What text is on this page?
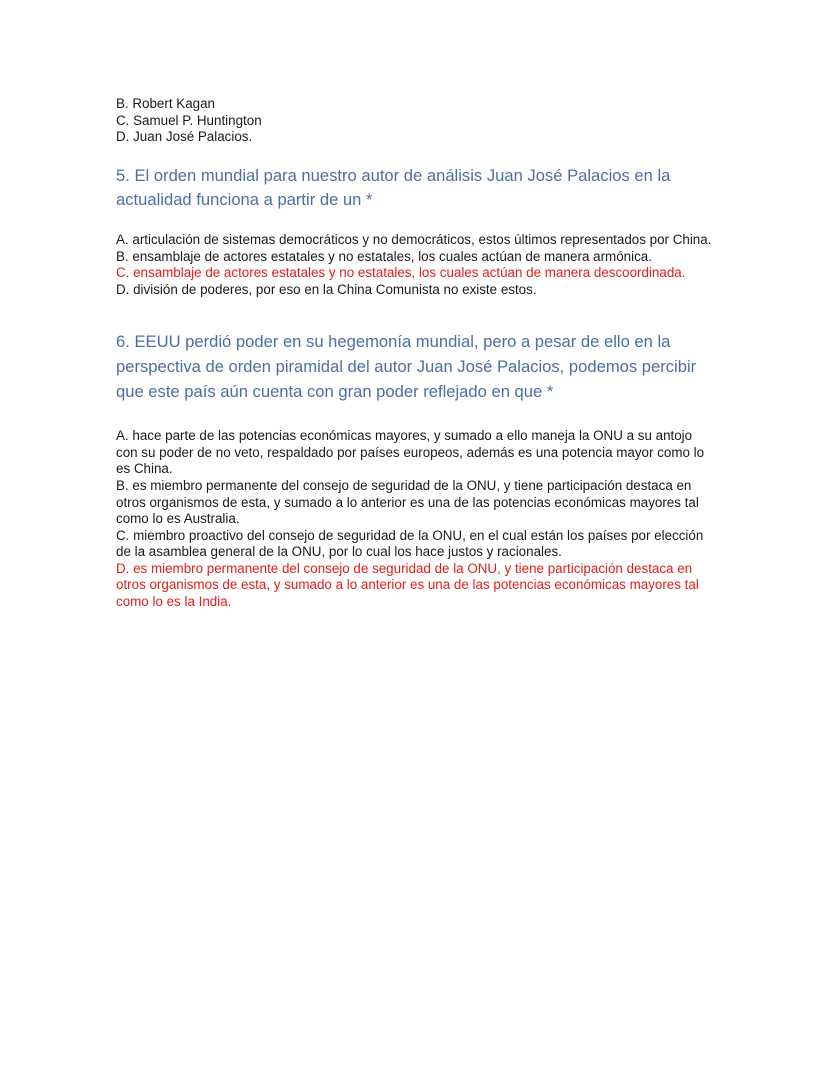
B. Robert Kagan
C. Samuel P. Huntington
D. Juan José Palacios.

5. El orden mundial para nuestro autor de análisis Juan José Palacios en la actualidad funciona a partir de un *

A. articulación de sistemas democráticos y no democráticos, estos últimos representados por China.
B. ensamblaje de actores estatales y no estatales, los cuales actúan de manera armónica.
C. ensamblaje de actores estatales y no estatales, los cuales actúan de manera descoordinada.
D. división de poderes, por eso en la China Comunista no existe estos.

6. EEUU perdió poder en su hegemonía mundial, pero a pesar de ello en la perspectiva de orden piramidal del autor Juan José Palacios, podemos percibir que este país aún cuenta con gran poder reflejado en que *

A. hace parte de las potencias económicas mayores, y sumado a ello maneja la ONU a su antojo con su poder de no veto, respaldado por países europeos, además es una potencia mayor como lo es China.
B. es miembro permanente del consejo de seguridad de la ONU, y tiene participación destaca en otros organismos de esta, y sumado a lo anterior es una de las potencias económicas mayores tal como lo es Australia.
C. miembro proactivo del consejo de seguridad de la ONU, en el cual están los países por elección de la asamblea general de la ONU, por lo cual los hace justos y racionales.
D. es miembro permanente del consejo de seguridad de la ONU, y tiene participación destaca en otros organismos de esta, y sumado a lo anterior es una de las potencias económicas mayores tal como lo es la India.
